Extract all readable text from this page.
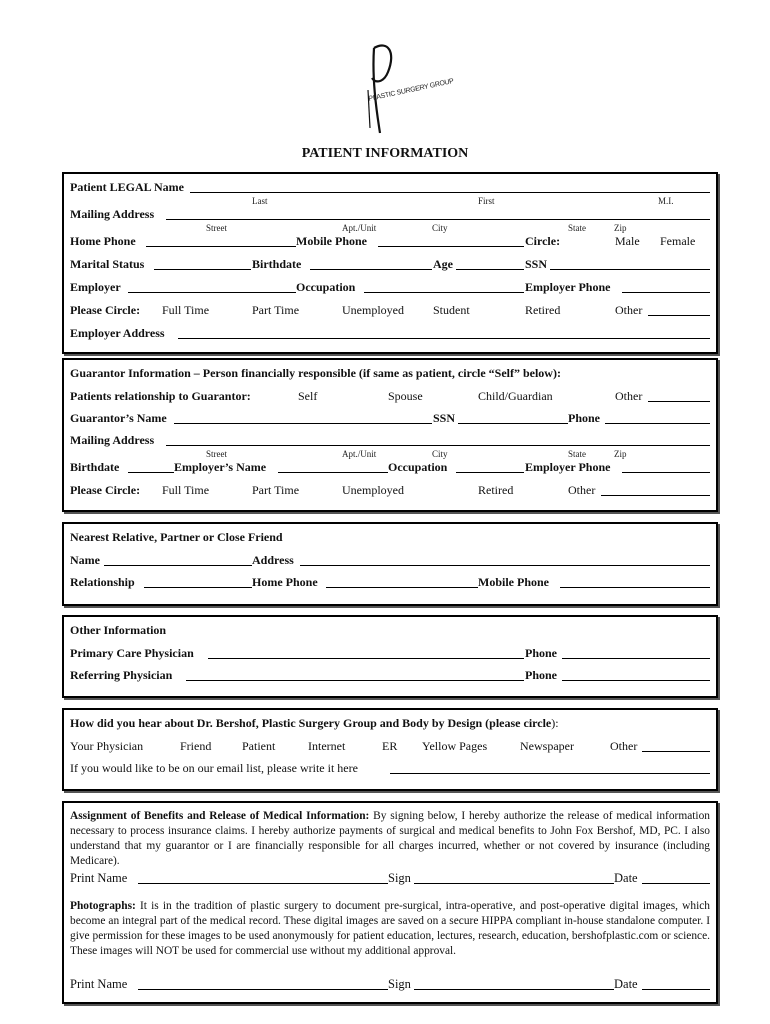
PLASTIC SURGERY GROUP
PATIENT INFORMATION
Patient LEGAL Name
Last	First	M.I.
Mailing Address
Street	Apt./Unit	City	State	Zip
Home Phone	Mobile Phone	Circle:	Male Female
Marital Status	Birthdate	Age	SSN
Employer	Occupation	Employer Phone
Please Circle: Full Time	Part Time	Unemployed Student	Retired	Other
Employer Address
Guarantor Information – Person financially responsible (if same as patient, circle “Self” below):
Patients relationship to Guarantor:	Self	Spouse	Child/Guardian	Other
Guarantor’s Name	SSN	Phone
Mailing Address
Street	Apt./Unit	City	State	Zip
Birthdate	Employer’s Name	Occupation	Employer Phone
Please Circle: Full Time	Part Time	Unemployed	Retired	Other
Nearest Relative, Partner or Close Friend
Name	Address
Relationship	Home Phone	Mobile Phone
Other Information
Primary Care Physician	Phone
Referring Physician	Phone
How did you hear about Dr. Bershof, Plastic Surgery Group and Body by Design (please circle):
Your Physician	Friend	Patient	Internet	ER Yellow Pages	Newspaper	Other
If you would like to be on our email list, please write it here
Assignment of Benefits and Release of Medical Information: By signing below, I hereby authorize the release of medical information necessary to process insurance claims. I hereby authorize payments of surgical and medical benefits to John Fox Bershof, MD, PC. I also understand that my guarantor or I are financially responsible for all charges incurred, whether or not covered by insurance (including Medicare).
Print Name	Sign	Date
Photographs: It is in the tradition of plastic surgery to document pre-surgical, intra-operative, and post-operative digital images, which become an integral part of the medical record. These digital images are saved on a secure HIPPA compliant in-house standalone computer. I give permission for these images to be used anonymously for patient education, lectures, research, education, bershofplastic.com or science. These images will NOT be used for commercial use without my additional approval.
Print Name	Sign	Date
